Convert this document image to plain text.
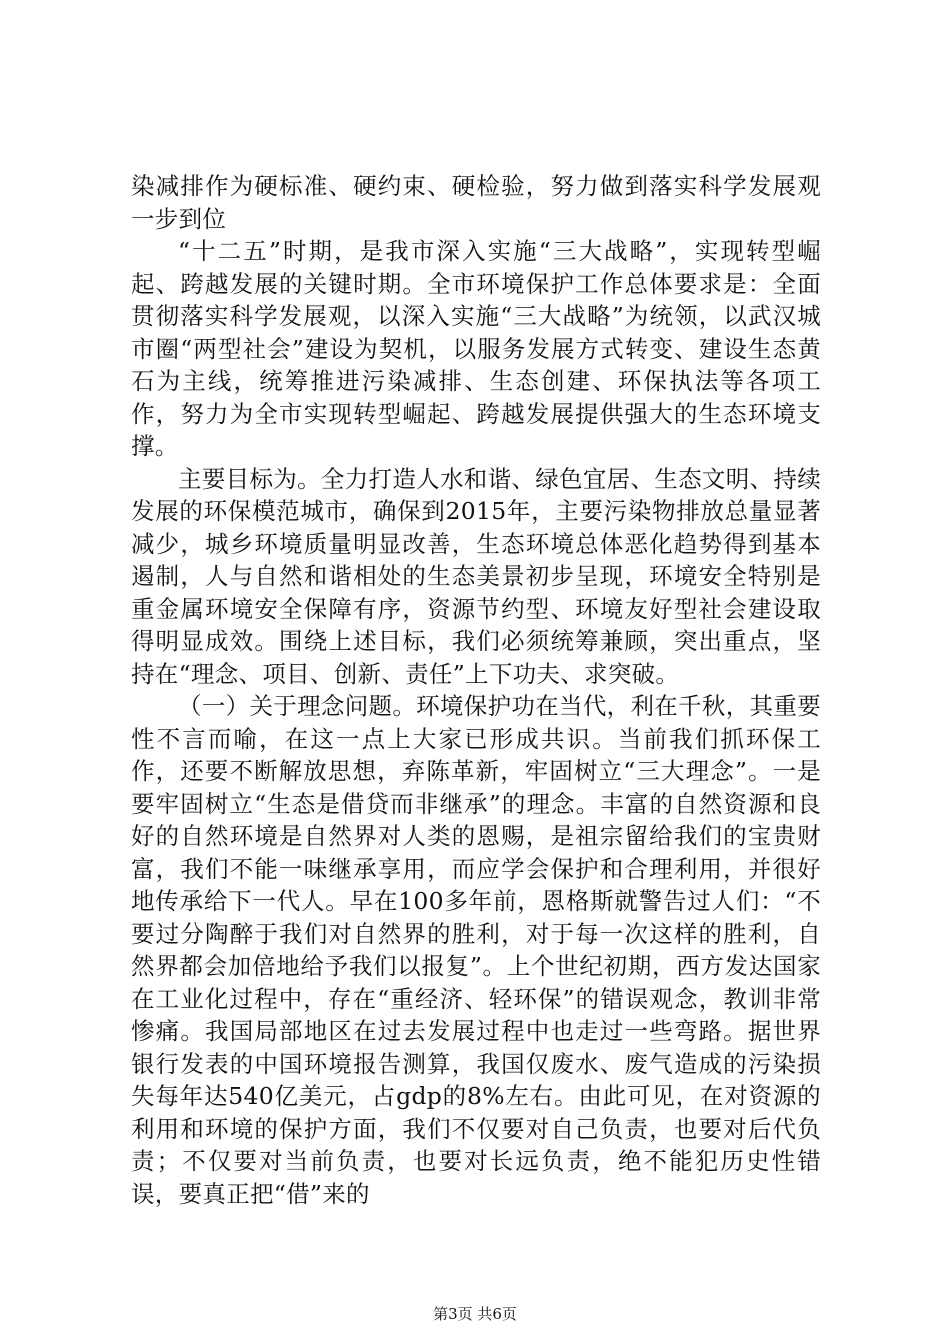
染减排作为硬标准、硬约束、硬检验，努力做到落实科学发展观一步到位

“十二五”时期，是我市深入实施“三大战略”，实现转型崛起、跨越发展的关键时期。全市环境保护工作总体要求是：全面贯彻落实科学发展观，以深入实施“三大战略”为统领，以武汉城市圈“两型社会”建设为契机，以服务发展方式转变、建设生态黄石为主线，统筹推进污染减排、生态创建、环保执法等各项工作，努力为全市实现转型崛起、跨越发展提供强大的生态环境支撑。

主要目标为。全力打造人水和谐、绿色宜居、生态文明、持续发展的环保模范城市，确保到2015年，主要污染物排放总量显著减少，城乡环境质量明显改善，生态环境总体恶化趋势得到基本遏制，人与自然和谐相处的生态美景初步呈现，环境安全特别是重金属环境安全保障有序，资源节约型、环境友好型社会建设取得明显成效。围绕上述目标，我们必须统筹兼顾，突出重点，坚持在“理念、项目、创新、责任”上下功夫、求突破。

（一）关于理念问题。环境保护功在当代，利在千秋，其重要性不言而喻，在这一点上大家已形成共识。当前我们抓环保工作，还要不断解放思想，弃陈革新，牢固树立“三大理念”。一是要牢固树立“生态是借贷而非继承”的理念。丰富的自然资源和良好的自然环境是自然界对人类的恩赐，是祖宗留给我们的宝贵财富，我们不能一味继承享用，而应学会保护和合理利用，并很好地传承给下一代人。早在100多年前，恩格斯就警告过人们：“不要过分陶醉于我们对自然界的胜利，对于每一次这样的胜利，自然界都会加倍地给予我们以报复”。上个世纪初期，西方发达国家在工业化过程中，存在“重经济、轻环保”的错误观念，教训非常惨痛。我国局部地区在过去发展过程中也走过一些弯路。据世界银行发表的中国环境报告测算，我国仅废水、废气造成的污染损失每年达540亿美元，占gdp的8%左右。由此可见，在对资源的利用和环境的保护方面，我们不仅要对自己负责，也要对后代负责；不仅要对当前负责，也要对长远负责，绝不能犯历史性错误，要真正把“借”来的

第3页 共6页
